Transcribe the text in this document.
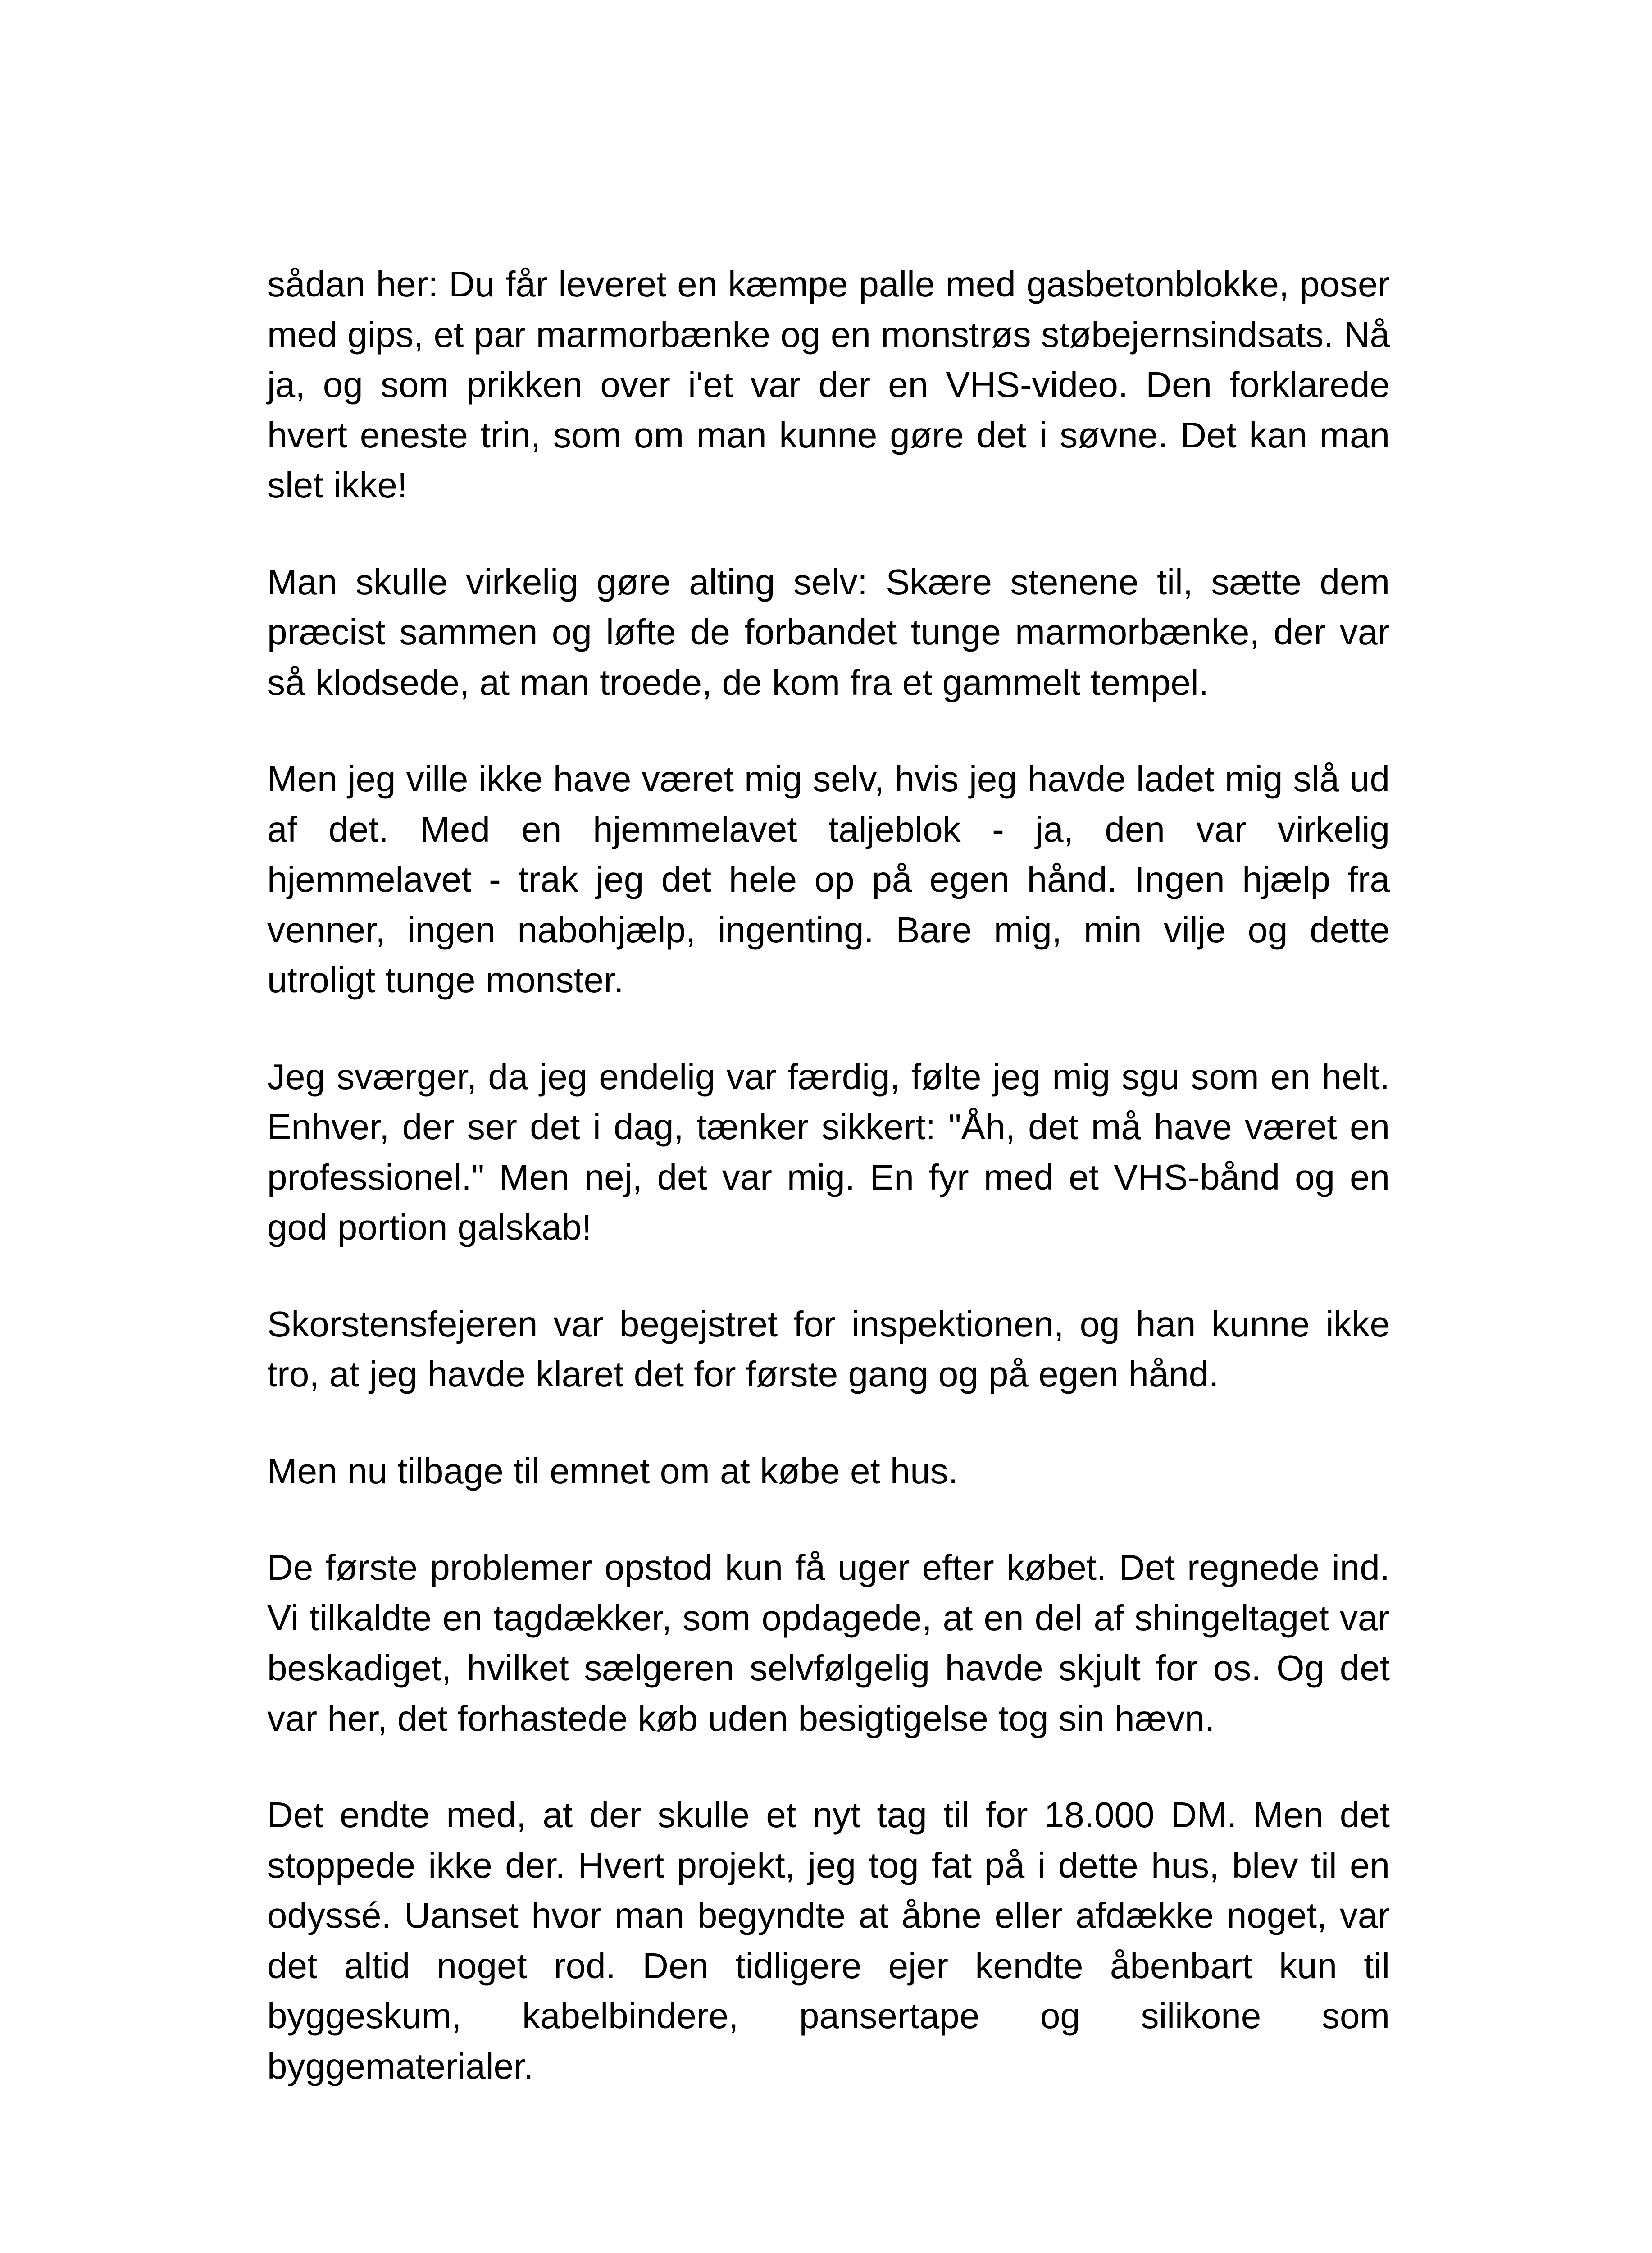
sådan her: Du får leveret en kæmpe palle med gasbetonblokke, poser med gips, et par marmorbænke og en monstrøs støbejernsindsats. Nå ja, og som prikken over i'et var der en VHS-video. Den forklarede hvert eneste trin, som om man kunne gøre det i søvne. Det kan man slet ikke!

Man skulle virkelig gøre alting selv: Skære stenene til, sætte dem præcist sammen og løfte de forbandet tunge marmorbænke, der var så klodsede, at man troede, de kom fra et gammelt tempel.

Men jeg ville ikke have været mig selv, hvis jeg havde ladet mig slå ud af det. Med en hjemmelavet taljeblok - ja, den var virkelig hjemmelavet - trak jeg det hele op på egen hånd. Ingen hjælp fra venner, ingen nabohjælp, ingenting. Bare mig, min vilje og dette utroligt tunge monster.

Jeg sværger, da jeg endelig var færdig, følte jeg mig sgu som en helt. Enhver, der ser det i dag, tænker sikkert: "Åh, det må have været en professionel." Men nej, det var mig. En fyr med et VHS-bånd og en god portion galskab!

Skorstensfejeren var begejstret for inspektionen, og han kunne ikke tro, at jeg havde klaret det for første gang og på egen hånd.

Men nu tilbage til emnet om at købe et hus.

De første problemer opstod kun få uger efter købet. Det regnede ind. Vi tilkaldte en tagdækker, som opdagede, at en del af shingeltaget var beskadiget, hvilket sælgeren selvfølgelig havde skjult for os. Og det var her, det forhastede køb uden besigtigelse tog sin hævn.

Det endte med, at der skulle et nyt tag til for 18.000 DM. Men det stoppede ikke der. Hvert projekt, jeg tog fat på i dette hus, blev til en odyssé. Uanset hvor man begyndte at åbne eller afdække noget, var det altid noget rod. Den tidligere ejer kendte åbenbart kun til byggeskum, kabelbindere, pansertape og silikone som byggematerialer.
